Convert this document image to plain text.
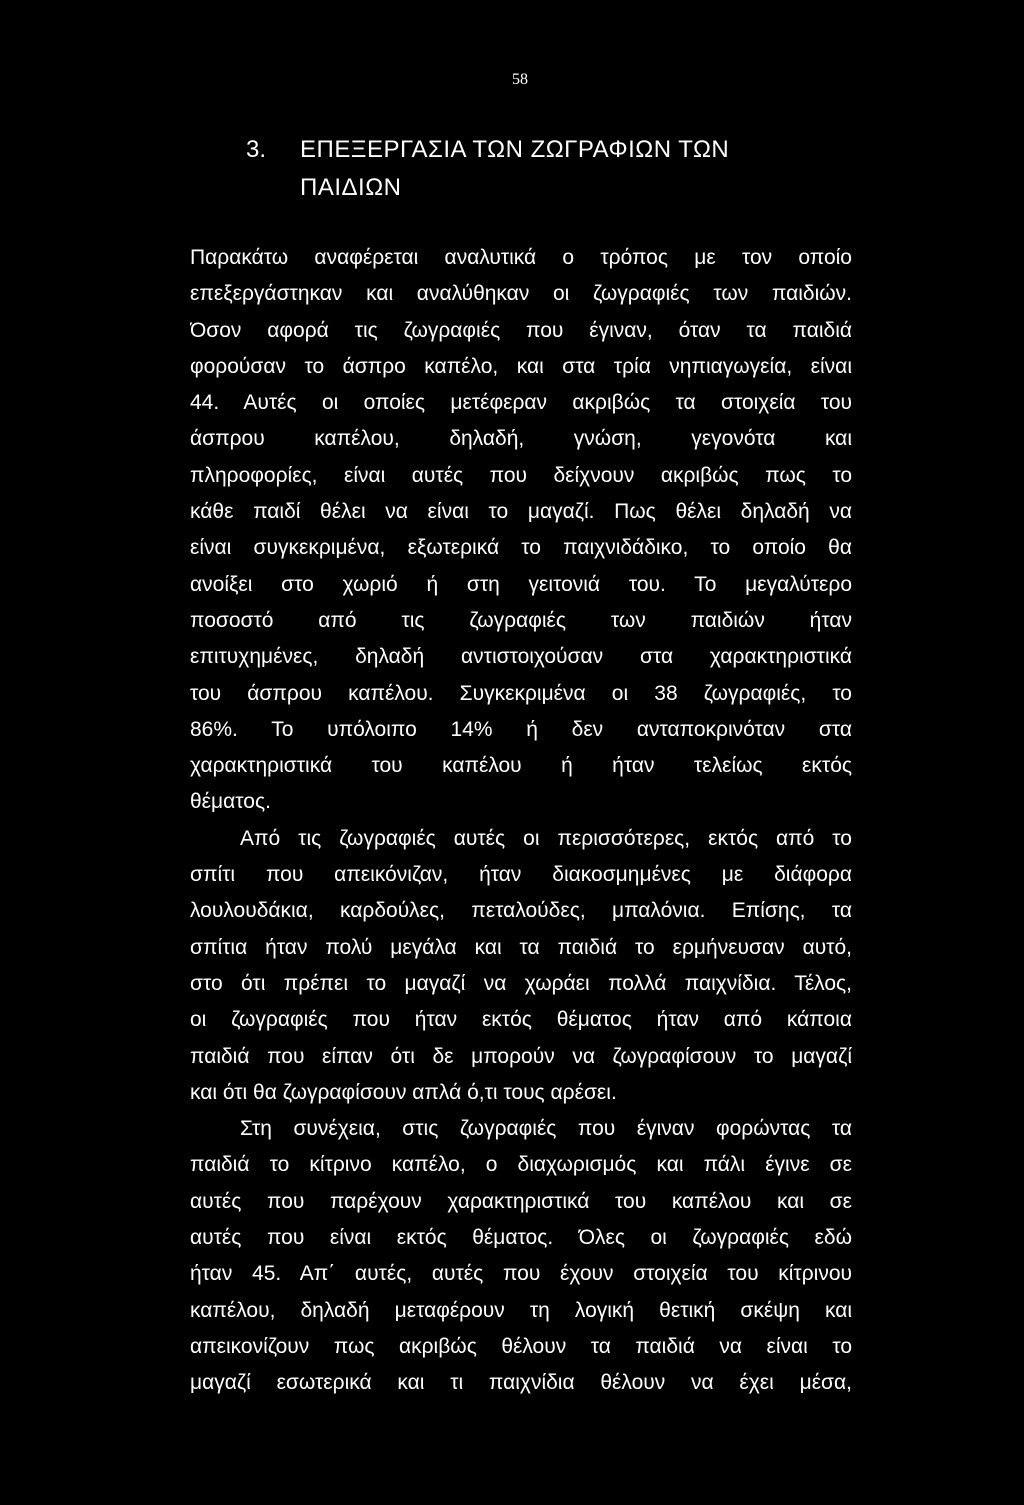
58
3. ΕΠΕΞΕΡΓΑΣΙΑ ΤΩΝ ΖΩΓΡΑΦΙΩΝ ΤΩΝ
ΠΑΙΔΙΩΝ
Παρακάτω αναφέρεται αναλυτικά ο τρόπος με τον οποίο
επεξεργάστηκαν και αναλύθηκαν οι ζωγραφιές των παιδιών.
Όσον αφορά τις ζωγραφιές που έγιναν, όταν τα παιδιά
φορούσαν το άσπρο καπέλο, και στα τρία νηπιαγωγεία, είναι
44. Αυτές οι οποίες μετέφεραν ακριβώς τα στοιχεία του
άσπρου καπέλου, δηλαδή, γνώση, γεγονότα και
πληροφορίες, είναι αυτές που δείχνουν ακριβώς πως το
κάθε παιδί θέλει να είναι το μαγαζί. Πως θέλει δηλαδή να
είναι συγκεκριμένα, εξωτερικά το παιχνιδάδικο, το οποίο θα
ανοίξει στο χωριό ή στη γειτονιά του. Το μεγαλύτερο
ποσοστό από τις ζωγραφιές των παιδιών ήταν
επιτυχημένες, δηλαδή αντιστοιχούσαν στα χαρακτηριστικά
του άσπρου καπέλου. Συγκεκριμένα οι 38 ζωγραφιές, το
86%. Το υπόλοιπο 14% ή δεν ανταποκρινόταν στα
χαρακτηριστικά του καπέλου ή ήταν τελείως εκτός
θέματος.
Από τις ζωγραφιές αυτές οι περισσότερες, εκτός από το
σπίτι που απεικόνιζαν, ήταν διακοσμημένες με διάφορα
λουλουδάκια, καρδούλες, πεταλούδες, μπαλόνια. Επίσης, τα
σπίτια ήταν πολύ μεγάλα και τα παιδιά το ερμήνευσαν αυτό,
στο ότι πρέπει το μαγαζί να χωράει πολλά παιχνίδια. Τέλος,
οι ζωγραφιές που ήταν εκτός θέματος ήταν από κάποια
παιδιά που είπαν ότι δε μπορούν να ζωγραφίσουν το μαγαζί
και ότι θα ζωγραφίσουν απλά ό,τι τους αρέσει.
Στη συνέχεια, στις ζωγραφιές που έγιναν φορώντας τα
παιδιά το κίτρινο καπέλο, ο διαχωρισμός και πάλι έγινε σε
αυτές που παρέχουν χαρακτηριστικά του καπέλου και σε
αυτές που είναι εκτός θέματος. Όλες οι ζωγραφιές εδώ
ήταν 45. Απ΄ αυτές, αυτές που έχουν στοιχεία του κίτρινου
καπέλου, δηλαδή μεταφέρουν τη λογική θετική σκέψη και
απεικονίζουν πως ακριβώς θέλουν τα παιδιά να είναι το
μαγαζί εσωτερικά και τι παιχνίδια θέλουν να έχει μέσα,
